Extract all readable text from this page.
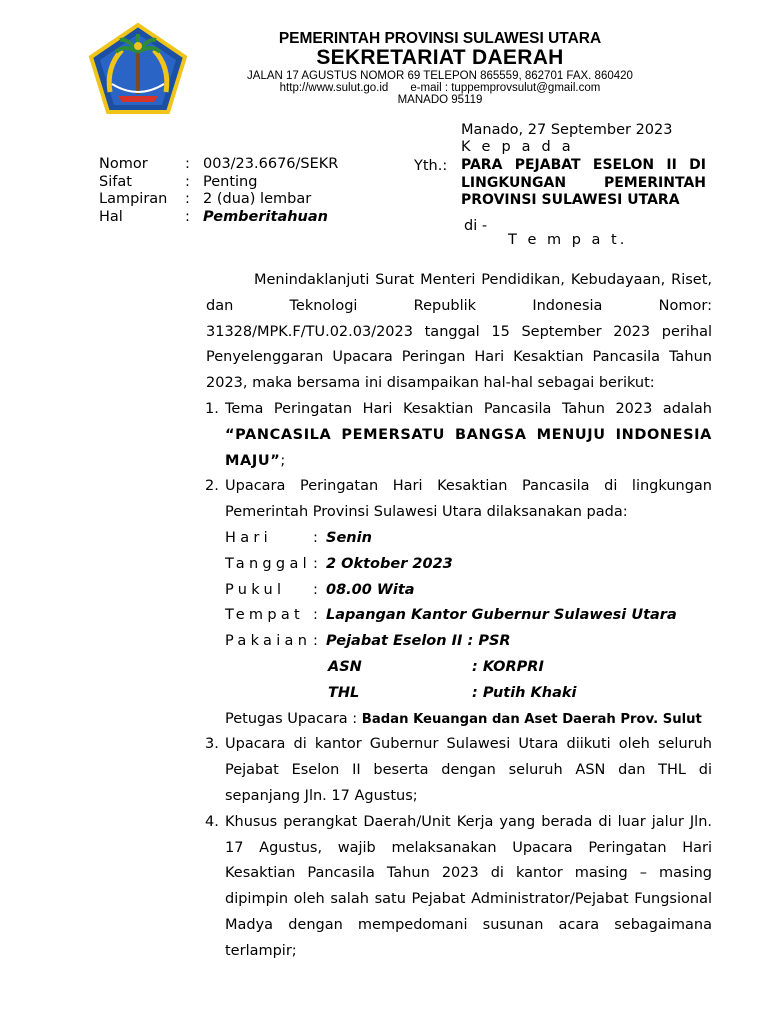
PEMERINTAH PROVINSI SULAWESI UTARA
SEKRETARIAT DAERAH
JALAN 17 AGUSTUS NOMOR 69 TELEPON 865559, 862701 FAX. 860420
http://www.sulut.go.id e-mail : tuppemprovsulut@gmail.com
MANADO 95119
Manado, 27 September 2023
K e p a d a
Yth.: PARA PEJABAT ESELON II DI
LINGKUNGAN PEMERINTAH
PROVINSI SULAWESI UTARA
di -
T e m p a t.
Nomor	: 003/23.6676/SEKR
Sifat	: Penting
Lampiran	: 2 (dua) lembar
Hal	: Pemberitahuan
Menindaklanjuti Surat Menteri Pendidikan, Kebudayaan, Riset, dan Teknologi Republik Indonesia Nomor: 31328/MPK.F/TU.02.03/2023 tanggal 15 September 2023 perihal Penyelenggaran Upacara Peringan Hari Kesaktian Pancasila Tahun 2023, maka bersama ini disampaikan hal-hal sebagai berikut:
1. Tema Peringatan Hari Kesaktian Pancasila Tahun 2023 adalah “PANCASILA PEMERSATU BANGSA MENUJU INDONESIA MAJU”;
2. Upacara Peringatan Hari Kesaktian Pancasila di lingkungan Pemerintah Provinsi Sulawesi Utara dilaksanakan pada:
Hari	: Senin
Tanggal : 2 Oktober 2023
Pukul	: 08.00 Wita
Tempat : Lapangan Kantor Gubernur Sulawesi Utara
Pakaian : Pejabat Eselon II : PSR
ASN	: KORPRI
THL	: Putih Khaki
Petugas Upacara : Badan Keuangan dan Aset Daerah Prov. Sulut
3. Upacara di kantor Gubernur Sulawesi Utara diikuti oleh seluruh Pejabat Eselon II beserta dengan seluruh ASN dan THL di sepanjang Jln. 17 Agustus;
4. Khusus perangkat Daerah/Unit Kerja yang berada di luar jalur Jln. 17 Agustus, wajib melaksanakan Upacara Peringatan Hari Kesaktian Pancasila Tahun 2023 di kantor masing – masing dipimpin oleh salah satu Pejabat Administrator/Pejabat Fungsional Madya dengan mempedomani susunan acara sebagaimana terlampir;
